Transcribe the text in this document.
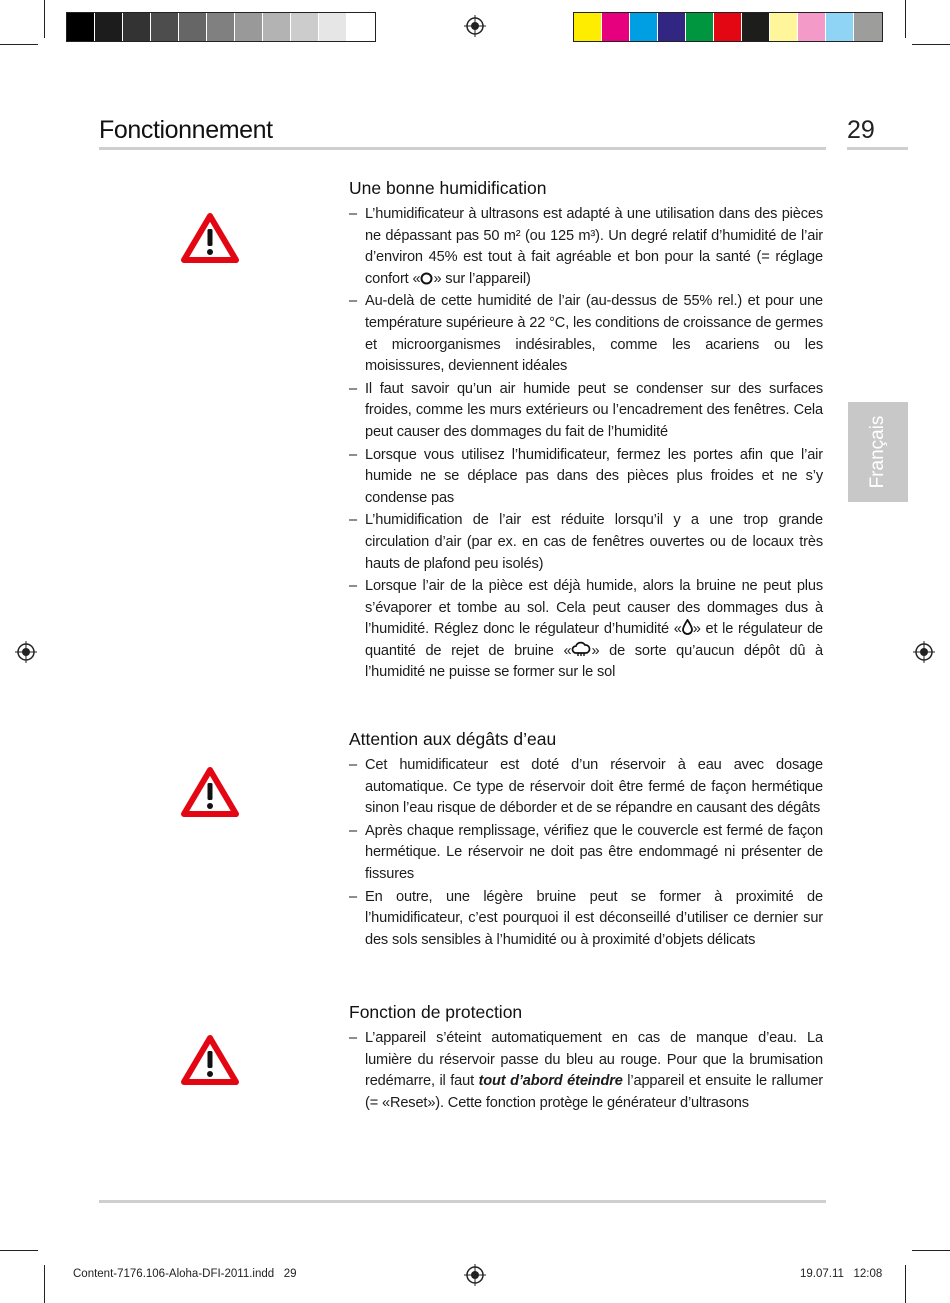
Fonctionnement	29
Français
Une bonne humidification
– L’humidificateur à ultrasons est adapté à une utilisation dans des pièces ne dépassant pas 50 m² (ou 125 m³). Un degré relatif d’humidité de l’air d’environ 45% est tout à fait agréable et bon pour la santé (= réglage confort « » sur l’appareil)
– Au-delà de cette humidité de l’air (au-dessus de 55% rel.) et pour une température supérieure à 22 °C, les conditions de croissance de germes et microorganismes indésirables, comme les acariens ou les moisissures, deviennent idéales
– Il faut savoir qu’un air humide peut se condenser sur des surfaces froides, comme les murs extérieurs ou l’encadrement des fenêtres. Cela peut causer des dommages du fait de l’humidité
– Lorsque vous utilisez l’humidificateur, fermez les portes afin que l’air humide ne se déplace pas dans des pièces plus froides et ne s’y condense pas
– L’humidification de l’air est réduite lorsqu’il y a une trop grande circulation d’air (par ex. en cas de fenêtres ouvertes ou de locaux très hauts de plafond peu isolés)
– Lorsque l’air de la pièce est déjà humide, alors la bruine ne peut plus s’évaporer et tombe au sol. Cela peut causer des dommages dus à l’humidité. Réglez donc le régulateur d’humidité « » et le régulateur de quantité de rejet de bruine « » de sorte qu’aucun dépôt dû à l’humidité ne puisse se former sur le sol
Attention aux dégâts d’eau
– Cet humidificateur est doté d’un réservoir à eau avec dosage automatique. Ce type de réservoir doit être fermé de façon hermétique sinon l’eau risque de déborder et de se répandre en causant des dégâts
– Après chaque remplissage, vérifiez que le couvercle est fermé de façon hermétique. Le réservoir ne doit pas être endommagé ni présenter de fissures
– En outre, une légère bruine peut se former à proximité de l’humidificateur, c’est pourquoi il est déconseillé d’utiliser ce dernier sur des sols sensibles à l’humidité ou à proximité d’objets délicats
Fonction de protection
– L’appareil s’éteint automatiquement en cas de manque d’eau. La lumière du réservoir passe du bleu au rouge. Pour que la brumisation redémarre, il faut tout d’abord éteindre l’appareil et ensuite le rallumer (= «Reset»). Cette fonction protège le générateur d’ultrasons
Content-7176.106-Aloha-DFI-2011.indd   29	19.07.11   12:08
